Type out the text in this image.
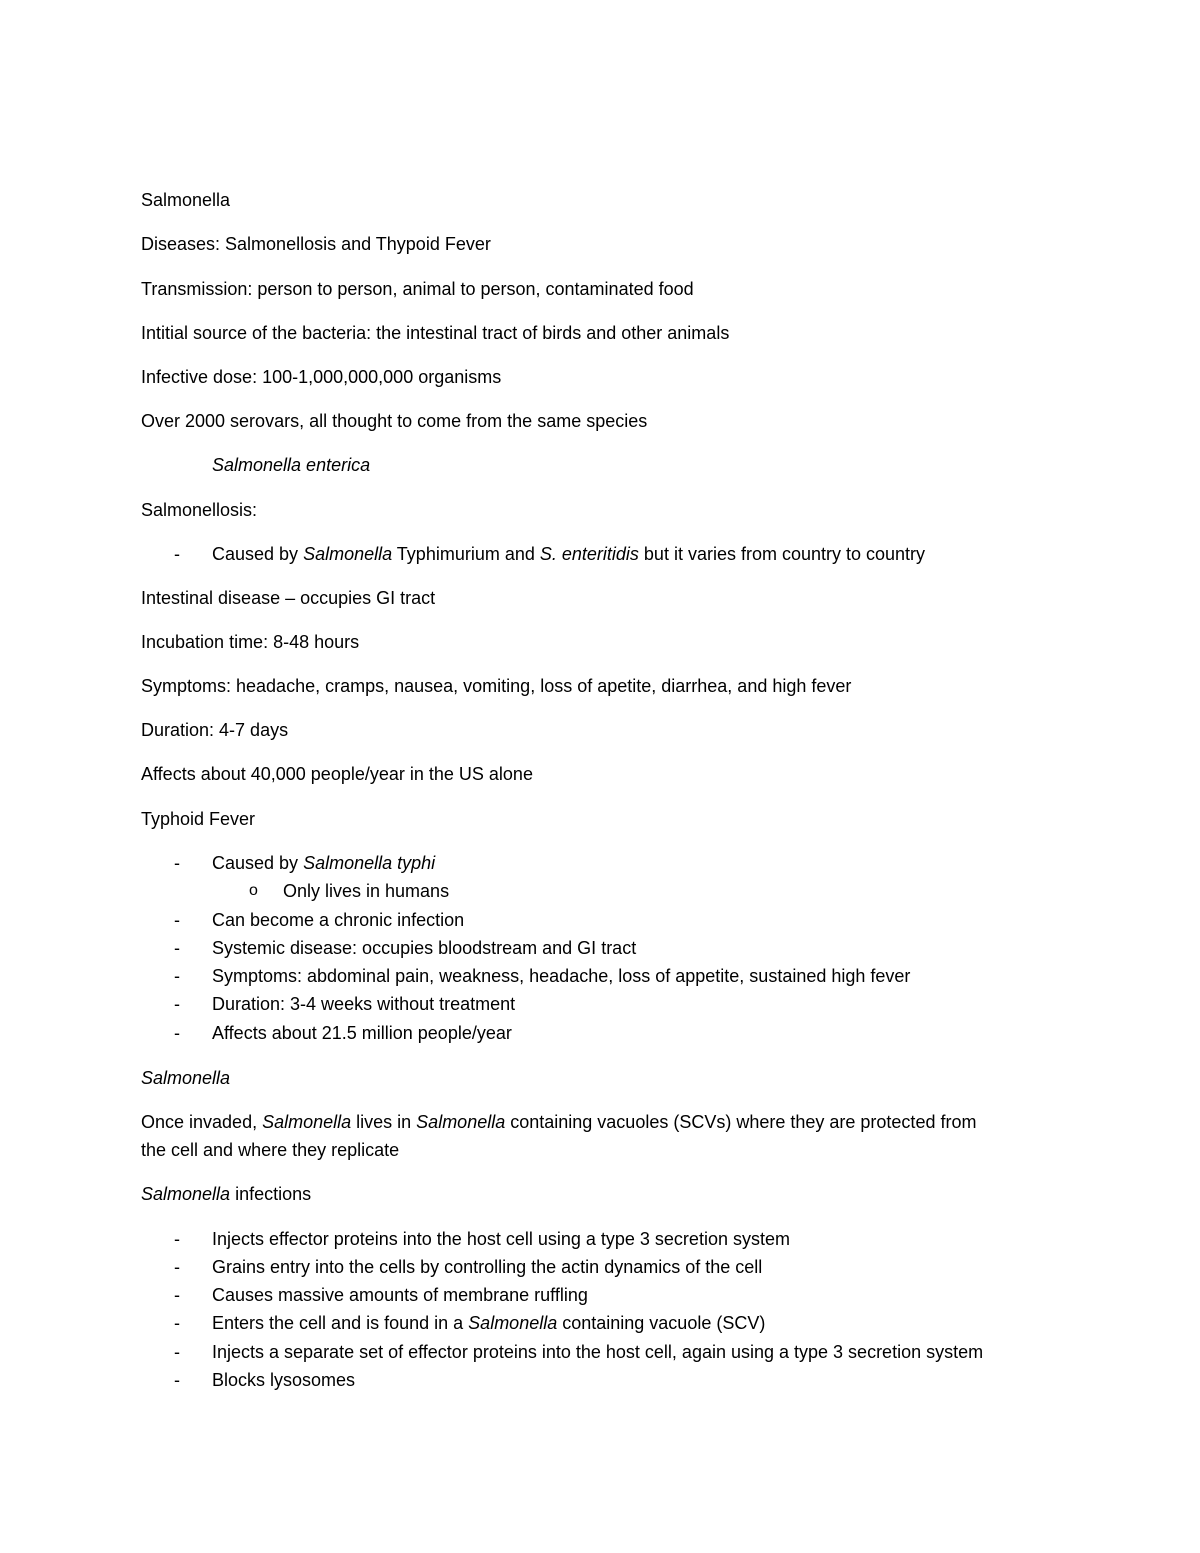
Salmonella
Diseases: Salmonellosis and Thypoid Fever
Transmission: person to person, animal to person, contaminated food
Intitial source of the bacteria: the intestinal tract of birds and other animals
Infective dose: 100-1,000,000,000 organisms
Over 2000 serovars, all thought to come from the same species
Salmonella enterica
Salmonellosis:
- Caused by Salmonella Typhimurium and S. enteritidis but it varies from country to country
Intestinal disease – occupies GI tract
Incubation time: 8-48 hours
Symptoms: headache, cramps, nausea, vomiting, loss of apetite, diarrhea, and high fever
Duration: 4-7 days
Affects about 40,000 people/year in the US alone
Typhoid Fever
- Caused by Salmonella typhi
o Only lives in humans
- Can become a chronic infection
- Systemic disease: occupies bloodstream and GI tract
- Symptoms: abdominal pain, weakness, headache, loss of appetite, sustained high fever
- Duration: 3-4 weeks without treatment
- Affects about 21.5 million people/year
Salmonella
Once invaded, Salmonella lives in Salmonella containing vacuoles (SCVs) where they are protected from
the cell and where they replicate
Salmonella infections
- Injects effector proteins into the host cell using a type 3 secretion system
- Grains entry into the cells by controlling the actin dynamics of the cell
- Causes massive amounts of membrane ruffling
- Enters the cell and is found in a Salmonella containing vacuole (SCV)
- Injects a separate set of effector proteins into the host cell, again using a type 3 secretion system
- Blocks lysosomes
